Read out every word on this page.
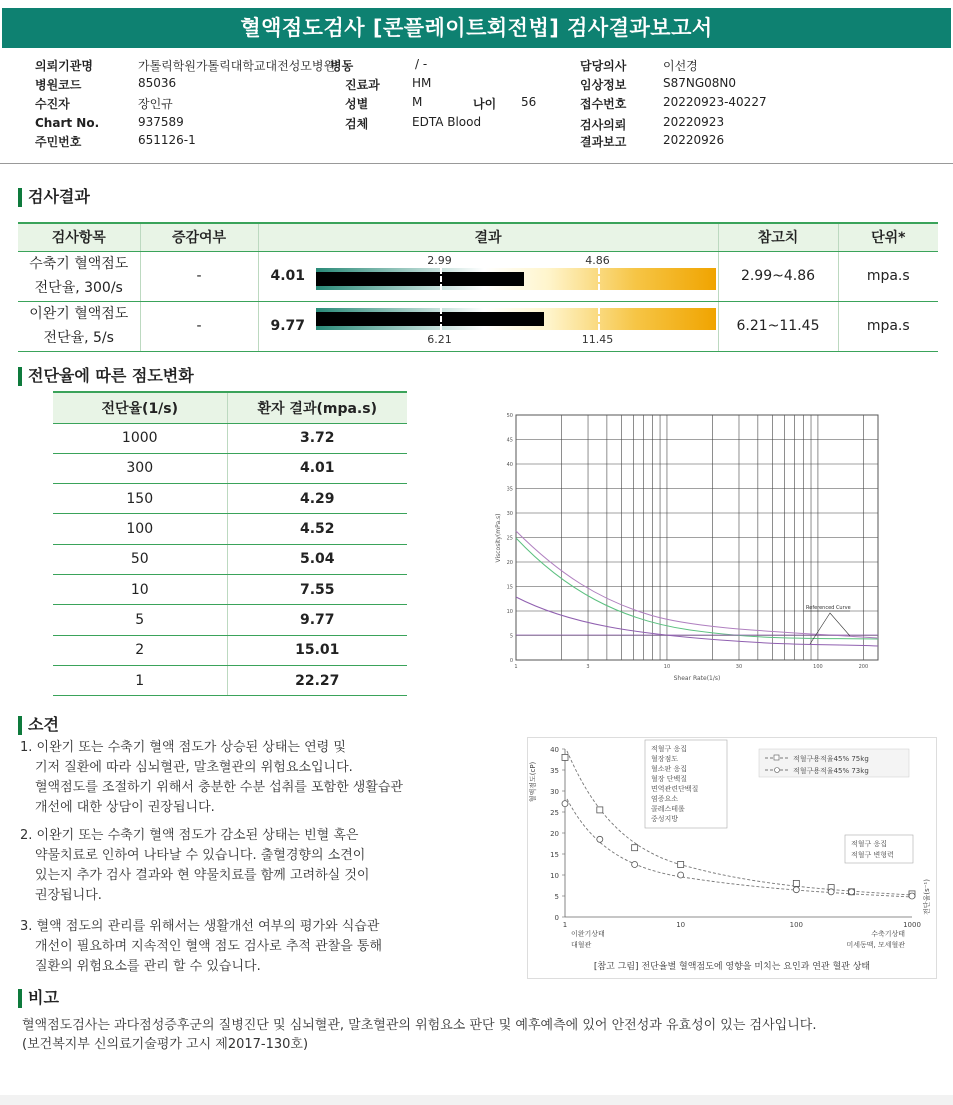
혈액점도검사 [콘플레이트회전법] 검사결과보고서
의뢰기관명	가톨릭학원가톨릭대학교대전성모병원
병동	/ -	담당의사	이선경
병원코드	85036	진료과	HM	임상정보	S87NG08N0
수진자	장인규	성별	M	나이 56	접수번호	20220923-40227
Chart No.	937589	검체	EDTA Blood	검사의뢰	20220923
주민번호	651126-1	결과보고	20220926
검사결과
검사항목	증감여부	결과	참고치	단위*
수축기 혈액점도
전단율, 300/s	-	4.01
2.99 4.86	2.99~4.86	mpa.s
이완기 혈액점도
전단율, 5/s	-	9.77
6.21 11.45	6.21~11.45	mpa.s
전단율에 따른 점도변화
전단율(1/s)	환자 결과(mpa.s)
1000	3.72
300	4.01
150	4.29
100	4.52
50	5.04
10	7.55
5	9.77
2	15.01
1	22.27
50
45
40
35
30
25
20
15
10
5
0
1	3	10	30	100	200
Viscosity(mPa.s)
Shear Rate(1/s)
Referenced Curve
소견
1. 이완기 또는 수축기 혈액 점도가 상승된 상태는 연령 및
기저 질환에 따라 심뇌혈관, 말초혈관의 위험요소입니다.
혈액점도를 조절하기 위해서 충분한 수분 섭취를 포함한 생활습관
개선에 대한 상담이 권장됩니다.
2. 이완기 또는 수축기 혈액 점도가 감소된 상태는 빈혈 혹은
약물치료로 인하여 나타날 수 있습니다. 출혈경향의 소견이
있는지 추가 검사 결과와 현 약물치료를 함께 고려하실 것이
권장됩니다.
3. 혈액 점도의 관리를 위해서는 생활개선 여부의 평가와 식습관
개선이 필요하며 지속적인 혈액 점도 검사로 추적 관찰을 통해
질환의 위험요소를 관리 할 수 있습니다.
40
35
30
25
20
15
10
5
0
1	10	100	1000
혈액점도(cP)
전단율(s⁻¹)
적혈구 응집
혈장점도
혈소판 응집
혈장 단백질
면역관련단백질
염증요소
콜레스테롤
중성지방
적혈구용적율45% 75kg
적혈구용적율45% 73kg
적혈구 응집
적혈구 변형력
이완기상태
대혈관
수축기상태
미세동맥, 모세혈관
[참고 그림] 전단율별 혈액점도에 영향을 미치는 요인과 연관 혈관 상태
비고
혈액점도검사는 과다점성증후군의 질병진단 및 심뇌혈관, 말초혈관의 위험요소 판단 및 예후예측에 있어 안전성과 유효성이 있는 검사입니다.
(보건복지부 신의료기술평가 고시 제2017-130호)
